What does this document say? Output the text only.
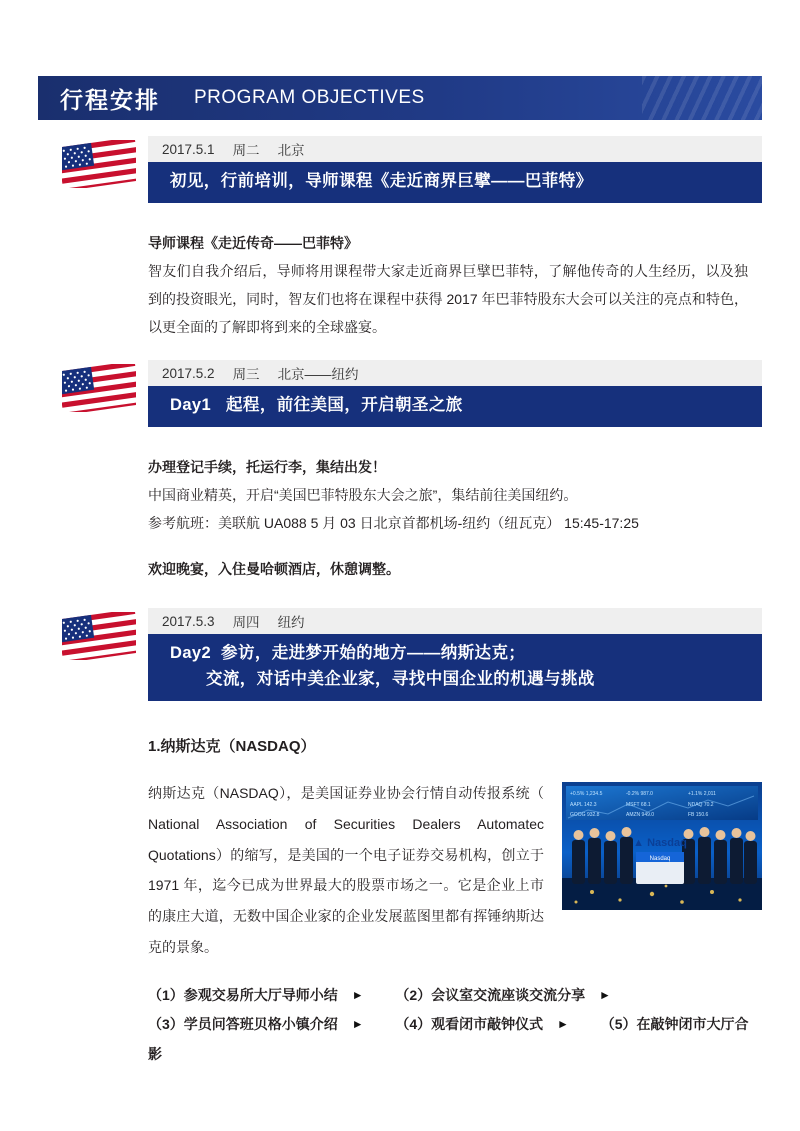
行程安排 PROGRAM OBJECTIVES
2017.5.1 周二 北京
初见，行前培训，导师课程《走近商界巨擘——巴菲特》

导师课程《走近传奇——巴菲特》

智友们自我介绍后，导师将用课程带大家走近商界巨擘巴菲特，了解他传奇的人生经历，以及独到的投资眼光，同时，智友们也将在课程中获得 2017 年巴菲特股东大会可以关注的亮点和特色，以更全面的了解即将到来的全球盛宴。

2017.5.2 周三 北京——纽约
Day1 起程，前往美国，开启朝圣之旅

办理登记手续，托运行李，集结出发！

中国商业精英，开启“美国巴菲特股东大会之旅”，集结前往美国纽约。

参考航班：美联航 UA088 5 月 03 日北京首都机场-纽约（纽瓦克） 15:45-17:25

欢迎晚宴，入住曼哈顿酒店，休憩调整。

2017.5.3 周四 纽约
Day2 参访，走进梦开始的地方——纳斯达克；
交流，对话中美企业家，寻找中国企业的机遇与挑战
1.纳斯达克（NASDAQ）
纳斯达克（NASDAQ），是美国证券业协会行情自动传报系统（ National Association of Securities Dealers Automatec Quotations）的缩写，是美国的一个电子证券交易机构，创立于 1971 年，迄今已成为世界最大的股票市场之一。它是企业上市的康庄大道，无数中国企业家的企业发展蓝图里都有挥锤纳斯达克的景象。
+0.5% 1,234.5	-0.2% 987.0	+1.1% 2,011
AAPL 142.3	MSFT 68.1	NDAQ 70.2
GOOG 932.8	AMZN 949.0	FB 150.6
Nasdaq
▲ Nasdaq
（1）参观交易所大厅导师小结 ► （2）会议室交流座谈交流分享 ►
（3）学员问答班贝格小镇介绍 ► （4）观看闭市敲钟仪式 ► （5）在敲钟闭市大厅合影
